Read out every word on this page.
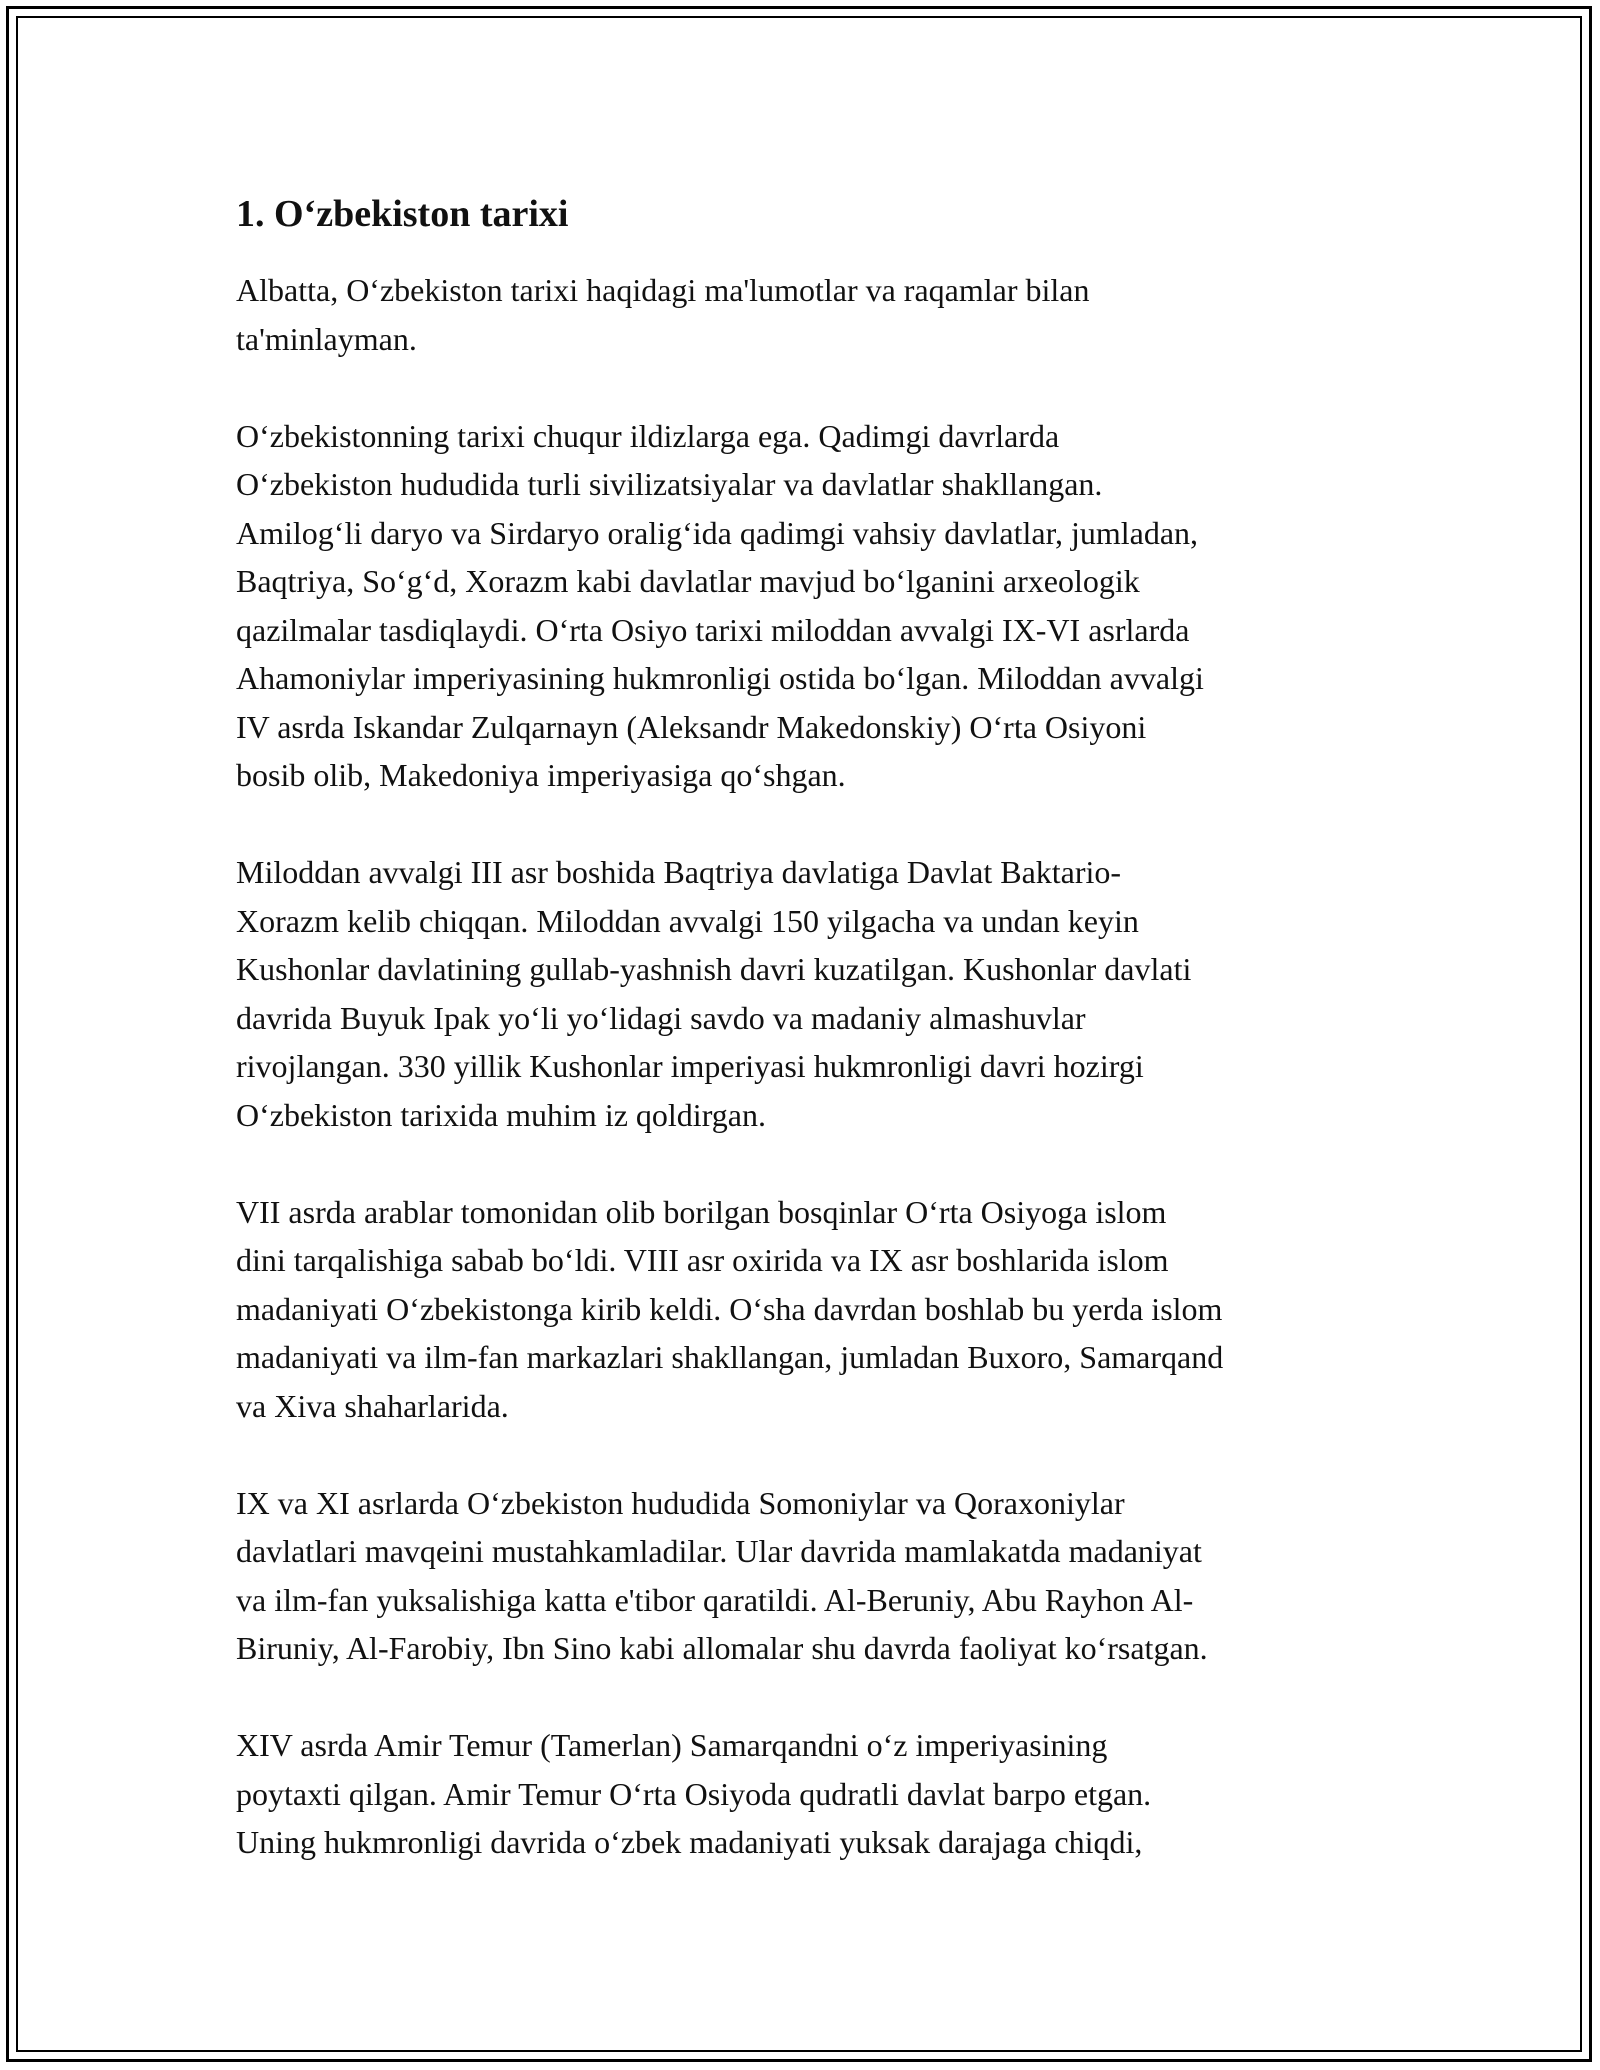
1. O‘zbekiston tarixi
Albatta, O‘zbekiston tarixi haqidagi ma'lumotlar va raqamlar bilan
ta'minlayman.
O‘zbekistonning tarixi chuqur ildizlarga ega. Qadimgi davrlarda
O‘zbekiston hududida turli sivilizatsiyalar va davlatlar shakllangan.
Amilog‘li daryo va Sirdaryo oralig‘ida qadimgi vahsiy davlatlar, jumladan,
Baqtriya, So‘g‘d, Xorazm kabi davlatlar mavjud bo‘lganini arxeologik
qazilmalar tasdiqlaydi. O‘rta Osiyo tarixi miloddan avvalgi IX-VI asrlarda
Ahamoniylar imperiyasining hukmronligi ostida bo‘lgan. Miloddan avvalgi
IV asrda Iskandar Zulqarnayn (Aleksandr Makedonskiy) O‘rta Osiyoni
bosib olib, Makedoniya imperiyasiga qo‘shgan.
Miloddan avvalgi III asr boshida Baqtriya davlatiga Davlat Baktario-
Xorazm kelib chiqqan. Miloddan avvalgi 150 yilgacha va undan keyin
Kushonlar davlatining gullab-yashnish davri kuzatilgan. Kushonlar davlati
davrida Buyuk Ipak yo‘li yo‘lidagi savdo va madaniy almashuvlar
rivojlangan. 330 yillik Kushonlar imperiyasi hukmronligi davri hozirgi
O‘zbekiston tarixida muhim iz qoldirgan.
VII asrda arablar tomonidan olib borilgan bosqinlar O‘rta Osiyoga islom
dini tarqalishiga sabab bo‘ldi. VIII asr oxirida va IX asr boshlarida islom
madaniyati O‘zbekistonga kirib keldi. O‘sha davrdan boshlab bu yerda islom
madaniyati va ilm-fan markazlari shakllangan, jumladan Buxoro, Samarqand
va Xiva shaharlarida.
IX va XI asrlarda O‘zbekiston hududida Somoniylar va Qoraxoniylar
davlatlari mavqeini mustahkamladilar. Ular davrida mamlakatda madaniyat
va ilm-fan yuksalishiga katta e'tibor qaratildi. Al-Beruniy, Abu Rayhon Al-
Biruniy, Al-Farobiy, Ibn Sino kabi allomalar shu davrda faoliyat ko‘rsatgan.
XIV asrda Amir Temur (Tamerlan) Samarqandni o‘z imperiyasining
poytaxti qilgan. Amir Temur O‘rta Osiyoda qudratli davlat barpo etgan.
Uning hukmronligi davrida o‘zbek madaniyati yuksak darajaga chiqdi,
